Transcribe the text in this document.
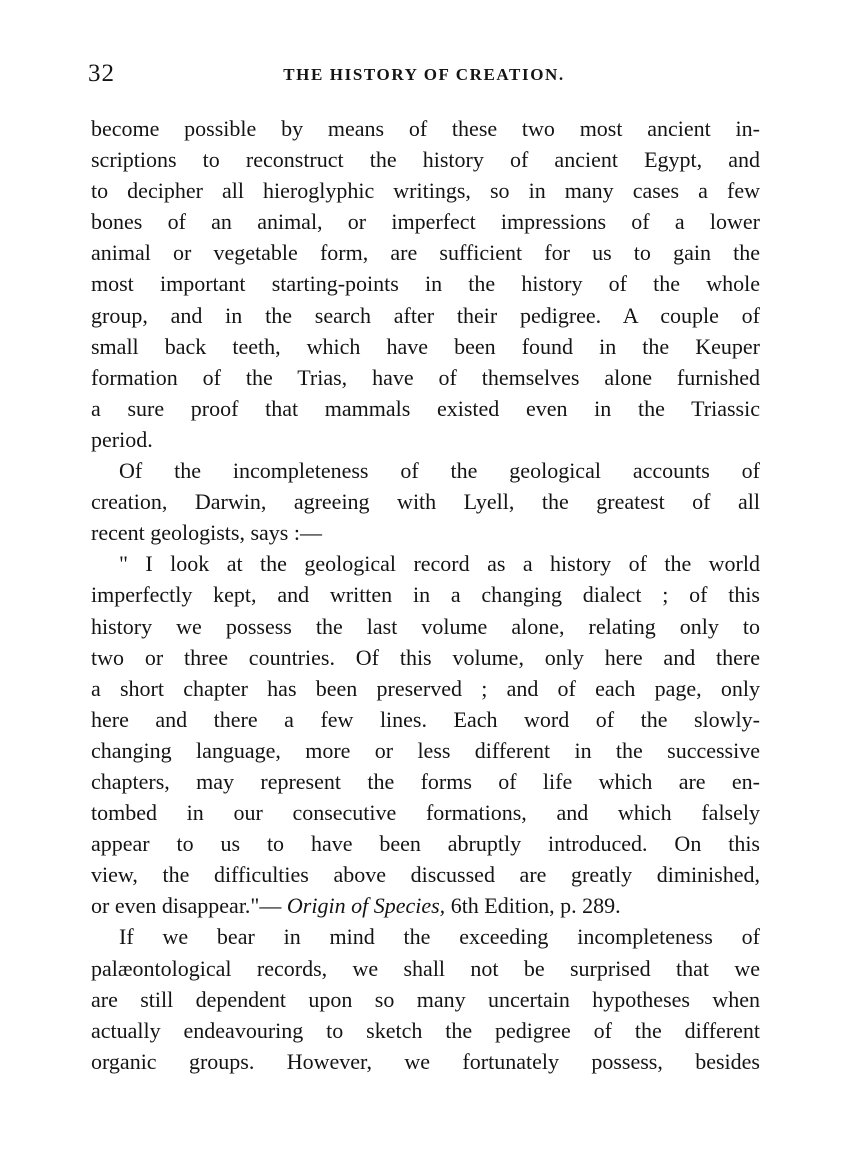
32	THE HISTORY OF CREATION.
become possible by means of these two most ancient in-
scriptions to reconstruct the history of ancient Egypt, and
to decipher all hieroglyphic writings, so in many cases a few
bones of an animal, or imperfect impressions of a lower
animal or vegetable form, are sufficient for us to gain the
most important starting-points in the history of the whole
group, and in the search after their pedigree. A couple of
small back teeth, which have been found in the Keuper
formation of the Trias, have of themselves alone furnished
a sure proof that mammals existed even in the Triassic
period.
Of the incompleteness of the geological accounts of
creation, Darwin, agreeing with Lyell, the greatest of all
recent geologists, says :—
" I look at the geological record as a history of the world
imperfectly kept, and written in a changing dialect ; of this
history we possess the last volume alone, relating only to
two or three countries. Of this volume, only here and there
a short chapter has been preserved ; and of each page, only
here and there a few lines. Each word of the slowly-
changing language, more or less different in the successive
chapters, may represent the forms of life which are en-
tombed in our consecutive formations, and which falsely
appear to us to have been abruptly introduced. On this
view, the difficulties above discussed are greatly diminished,
or even disappear."— Origin of Species, 6th Edition, p. 289.
If we bear in mind the exceeding incompleteness of
palæontological records, we shall not be surprised that we
are still dependent upon so many uncertain hypotheses when
actually endeavouring to sketch the pedigree of the different
organic groups. However, we fortunately possess, besides
